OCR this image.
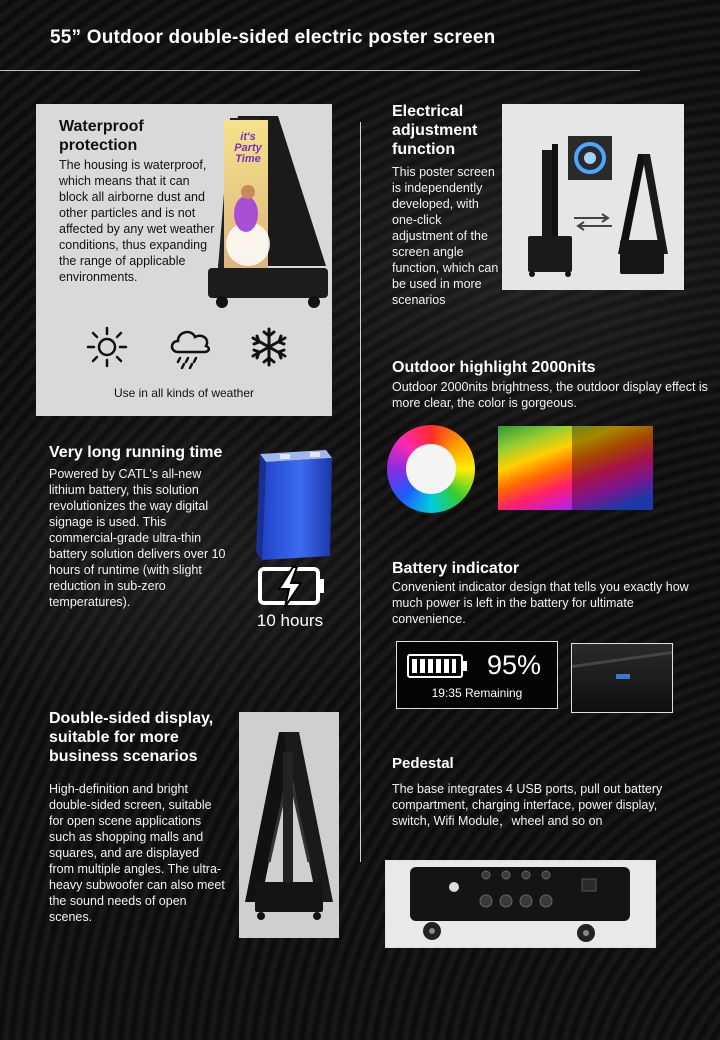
55” Outdoor double-sided electric poster screen
Waterproof protection

The housing is waterproof, which means that it can block all airborne dust and other particles and is not affected by any wet weather conditions, thus expanding the range of applicable environments.

it's Party Time
Use in all kinds of weather
Very long running time

Powered by CATL's all-new lithium battery, this solution revolutionizes the way digital signage is used. This commercial-grade ultra-thin battery solution delivers over 10 hours of runtime (with slight reduction in sub-zero temperatures).

10 hours
Double-sided display, suitable for more business scenarios

High-definition and bright double-sided screen, suitable for open scene applications such as shopping malls and squares, and are displayed from multiple angles. The ultra-heavy subwoofer can also meet the sound needs of open scenes.

Electrical adjustment function

This poster screen is independently developed, with one-click adjustment of the screen angle function, which can be used in more scenarios

Outdoor highlight 2000nits

Outdoor 2000nits brightness, the outdoor display effect is more clear, the color is gorgeous.

Battery indicator

Convenient indicator design that tells you exactly how much power is left in the battery for ultimate convenience.

95%
19:35 Remaining
Pedestal

The base integrates 4 USB ports, pull out battery compartment, charging interface, power display, switch, Wifi Module，wheel and so on
